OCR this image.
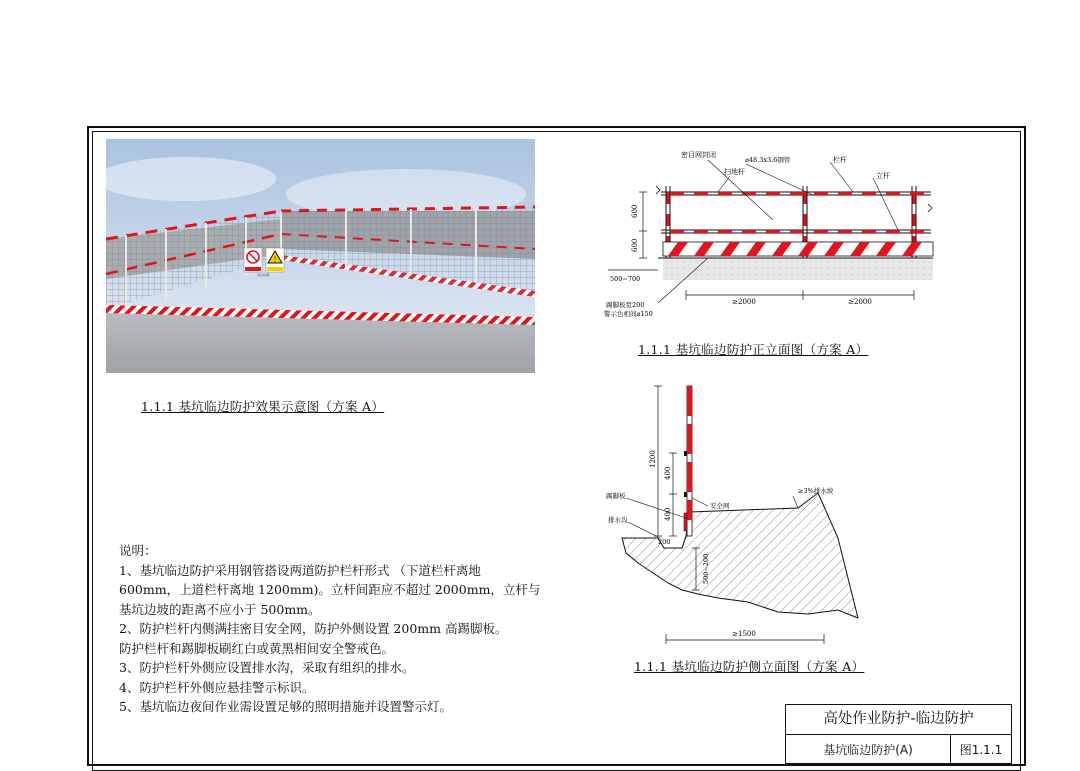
!
当心坑洞
1.1.1 基坑临边防护效果示意图（方案 A）
密目网封闭
⌀48.3x3.6钢管	栏杆
扫地杆	立杆
600
600
500~700
踢脚板宽200
警示色相间⌀150
≥2000	≥2000
1.1.1 基坑临边防护正立面图（方案 A）
1200
400
400
踢脚板
安全网
排水沟
200
≥3%排水坡
500~200
≥1500
1.1.1 基坑临边防护侧立面图（方案 A）
说明：
1、基坑临边防护采用钢管搭设两道防护栏杆形式 （下道栏杆离地
600mm，上道栏杆离地 1200mm)。立杆间距应不超过 2000mm，立杆与
基坑边坡的距离不应小于 500mm。
2、防护栏杆内侧满挂密目安全网，防护外侧设置 200mm 高踢脚板。
防护栏杆和踢脚板刷红白或黄黑相间安全警戒色。
3、防护栏杆外侧应设置排水沟，采取有组织的排水。
4、防护栏杆外侧应悬挂警示标识。
5、基坑临边夜间作业需设置足够的照明措施并设置警示灯。
高处作业防护-临边防护
基坑临边防护(A)	图1.1.1
